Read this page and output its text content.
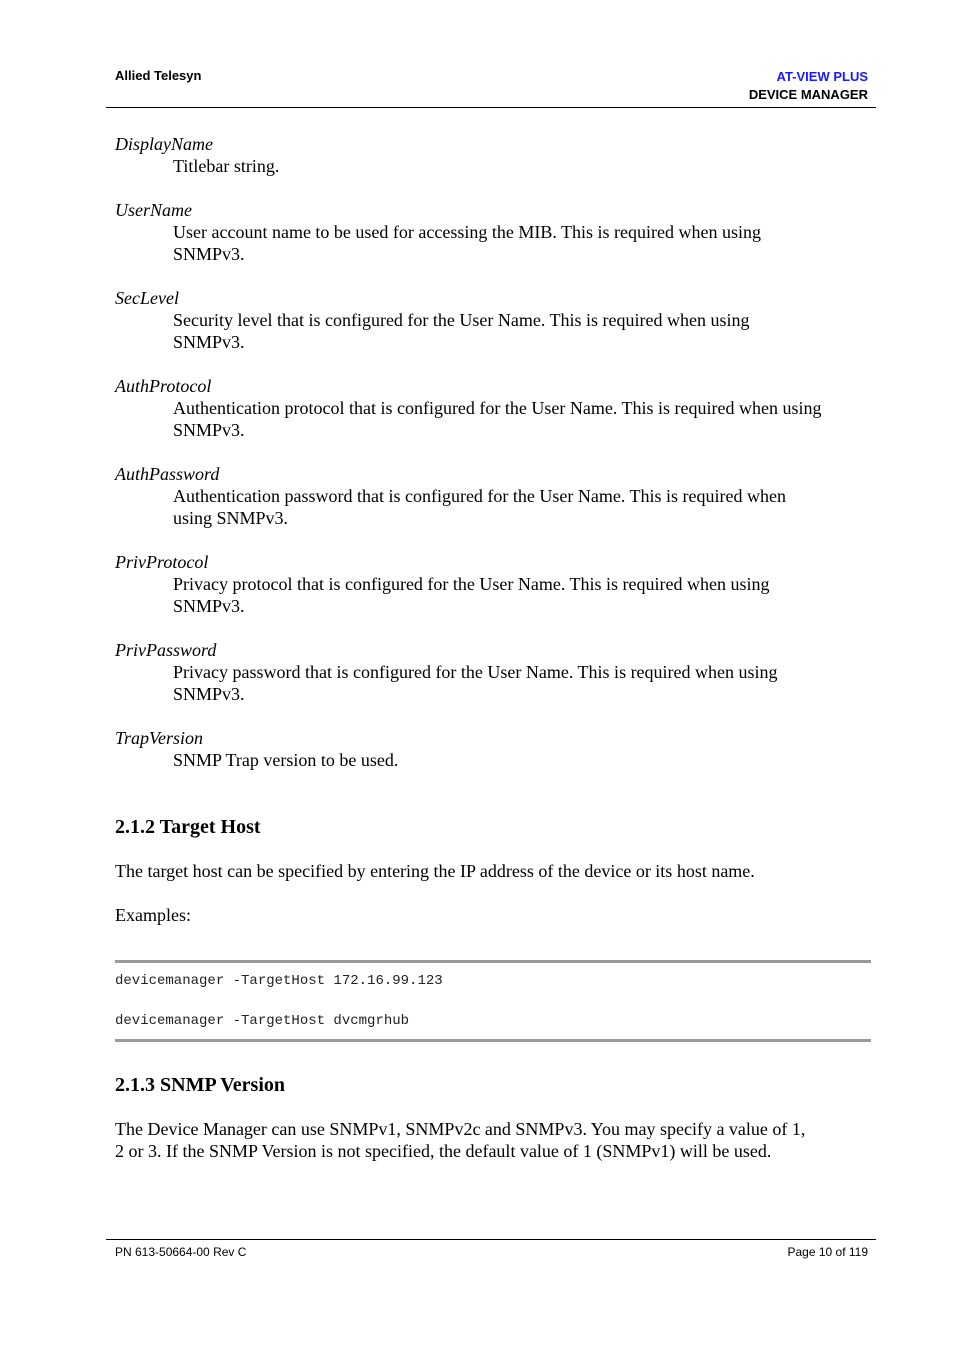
Allied Telesyn	AT-VIEW PLUS
DEVICE MANAGER

DisplayName

Titlebar string.

UserName

User account name to be used for accessing the MIB. This is required when using
SNMPv3.

SecLevel

Security level that is configured for the User Name. This is required when using
SNMPv3.

AuthProtocol

Authentication protocol that is configured for the User Name. This is required when using
SNMPv3.

AuthPassword

Authentication password that is configured for the User Name. This is required when
using SNMPv3.

PrivProtocol

Privacy protocol that is configured for the User Name. This is required when using
SNMPv3.

PrivPassword

Privacy password that is configured for the User Name. This is required when using
SNMPv3.

TrapVersion

SNMP Trap version to be used.

2.1.2 Target Host

The target host can be specified by entering the IP address of the device or its host name.

Examples:

devicemanager -TargetHost 172.16.99.123

devicemanager -TargetHost dvcmgrhub

2.1.3 SNMP Version

The Device Manager can use SNMPv1, SNMPv2c and SNMPv3. You may specify a value of 1,
2 or 3. If the SNMP Version is not specified, the default value of 1 (SNMPv1) will be used.

PN 613-50664-00 Rev C	Page 10 of 119
